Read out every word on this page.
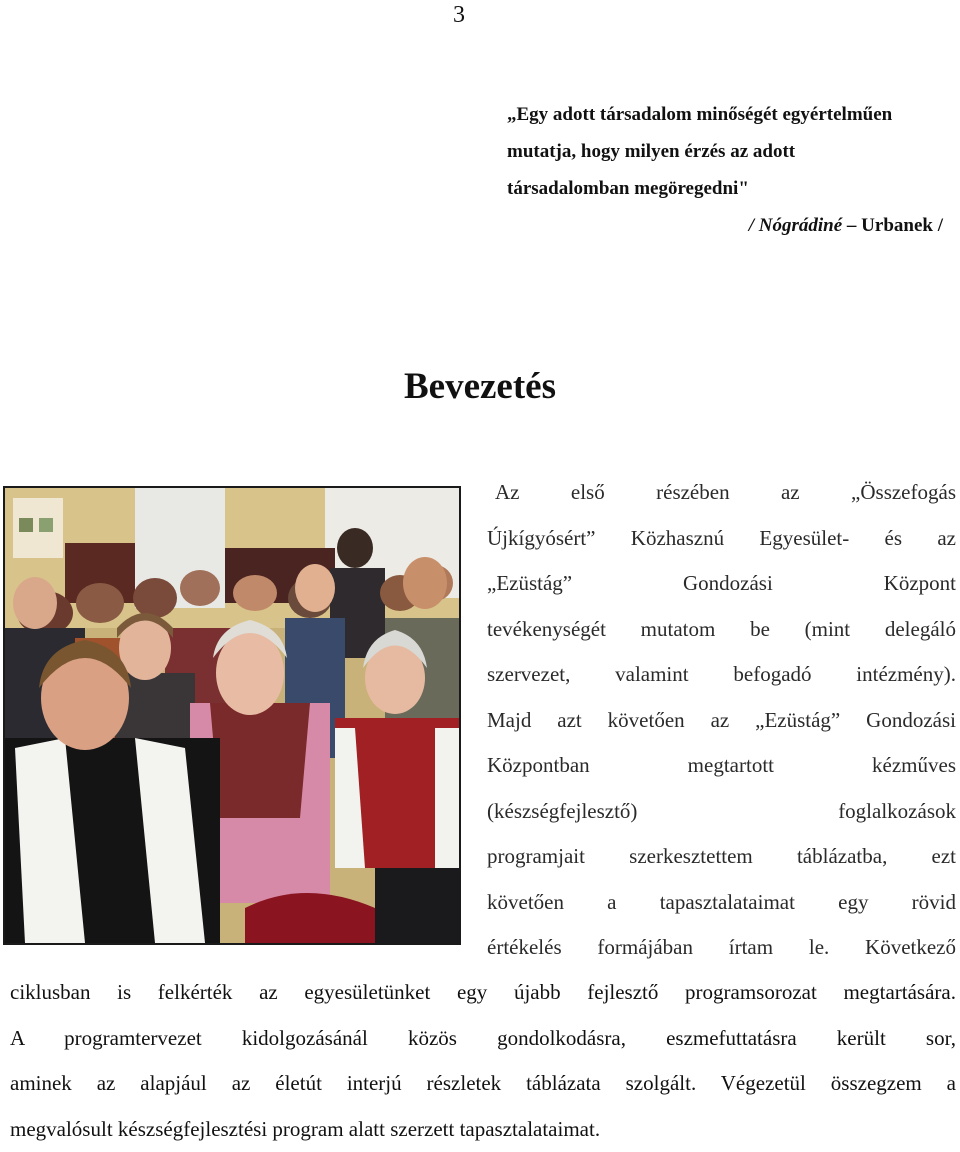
3
„Egy adott társadalom minőségét egyértelműen
mutatja, hogy milyen érzés az adott
társadalomban megöregedni"
/ Nógrádiné – Urbanek /
Bevezetés
Az első részében az „Összefogás
Újkígyósért” Közhasznú Egyesület- és az
„Ezüstág” Gondozási Központ
tevékenységét mutatom be (mint delegáló
szervezet, valamint befogadó intézmény).
Majd azt követően az „Ezüstág” Gondozási
Központban megtartott kézműves
(készségfejlesztő) foglalkozások
programjait szerkesztettem táblázatba, ezt
követően a tapasztalataimat egy rövid
értékelés formájában írtam le. Következő
ciklusban is felkérték az egyesületünket egy újabb fejlesztő programsorozat megtartására.
A programtervezet kidolgozásánál közös gondolkodásra, eszmefuttatásra került sor,
aminek az alapjául az életút interjú részletek táblázata szolgált. Végezetül összegzem a
megvalósult készségfejlesztési program alatt szerzett tapasztalataimat.
